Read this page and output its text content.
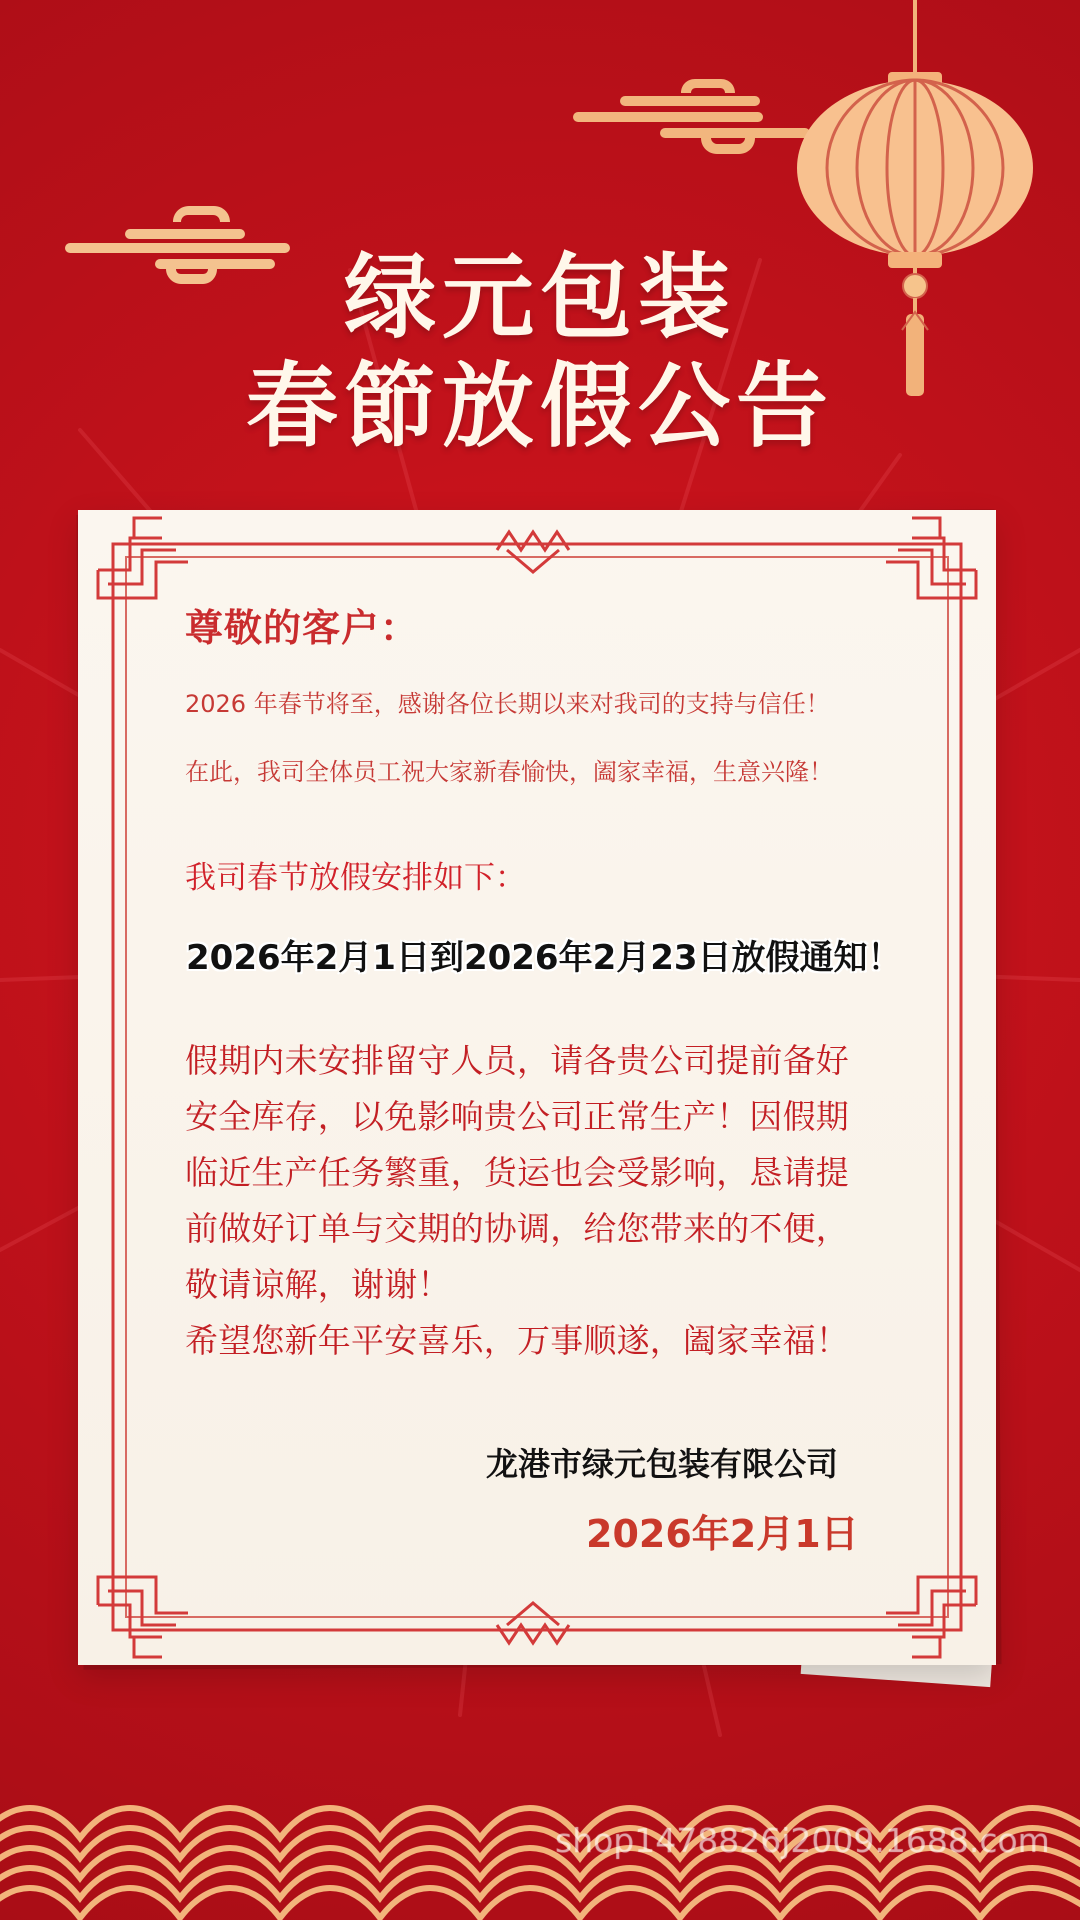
绿元包装
春節放假公告

尊敬的客户：

2026 年春节将至，感谢各位长期以来对我司的支持与信任！

在此，我司全体员工祝大家新春愉快，阖家幸福，生意兴隆！

我司春节放假安排如下：

2026年2月1日到2026年2月23日放假通知！

假期内未安排留守人员，请各贵公司提前备好
安全库存，以免影响贵公司正常生产！因假期
临近生产任务繁重，货运也会受影响，恳请提
前做好订单与交期的协调，给您带来的不便，
敬请谅解，谢谢！
希望您新年平安喜乐，万事顺遂，阖家幸福！

龙港市绿元包装有限公司

2026年2月1日

shop1478826j2009.1688.com
